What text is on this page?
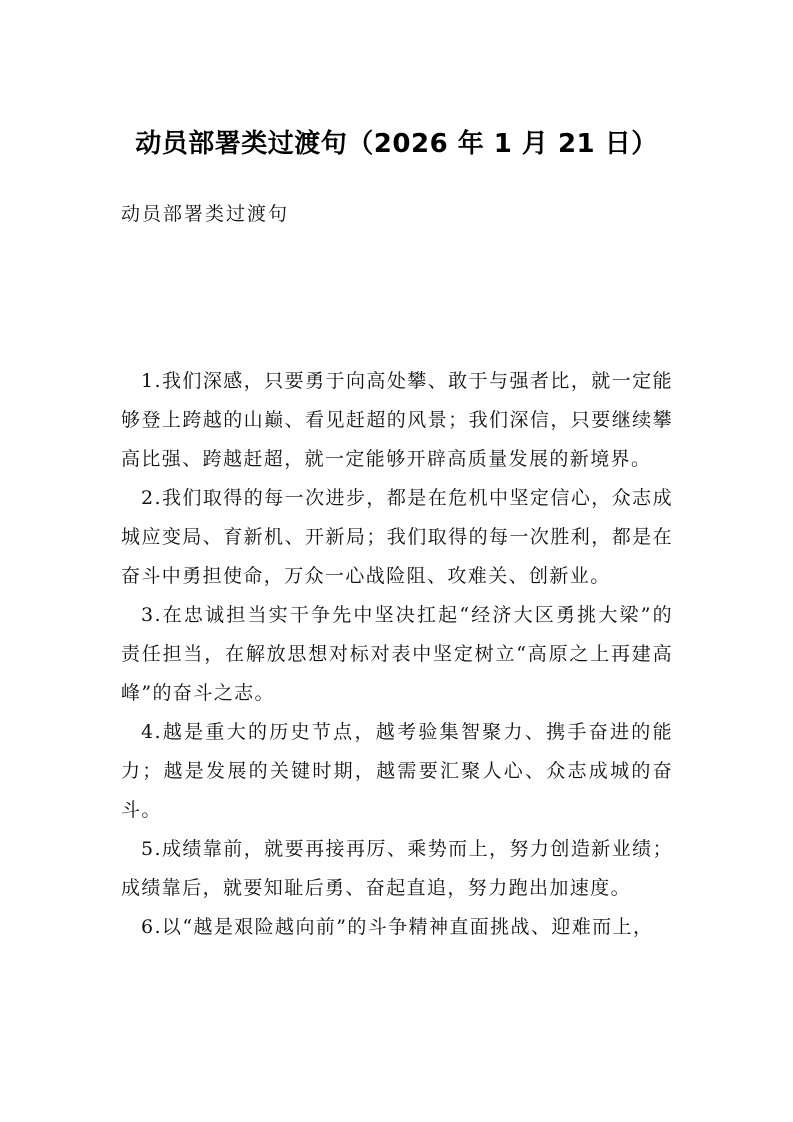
动员部署类过渡句（2026 年 1 月 21 日）
动员部署类过渡句

1.我们深感，只要勇于向高处攀、敢于与强者比，就一定能够登上跨越的山巅、看见赶超的风景；我们深信，只要继续攀高比强、跨越赶超，就一定能够开辟高质量发展的新境界。

2.我们取得的每一次进步，都是在危机中坚定信心，众志成城应变局、育新机、开新局；我们取得的每一次胜利，都是在奋斗中勇担使命，万众一心战险阻、攻难关、创新业。

3.在忠诚担当实干争先中坚决扛起“经济大区勇挑大梁”的责任担当，在解放思想对标对表中坚定树立“高原之上再建高峰”的奋斗之志。

4.越是重大的历史节点，越考验集智聚力、携手奋进的能力；越是发展的关键时期，越需要汇聚人心、众志成城的奋斗。

5.成绩靠前，就要再接再厉、乘势而上，努力创造新业绩；成绩靠后，就要知耻后勇、奋起直追，努力跑出加速度。

6.以“越是艰险越向前”的斗争精神直面挑战、迎难而上，
